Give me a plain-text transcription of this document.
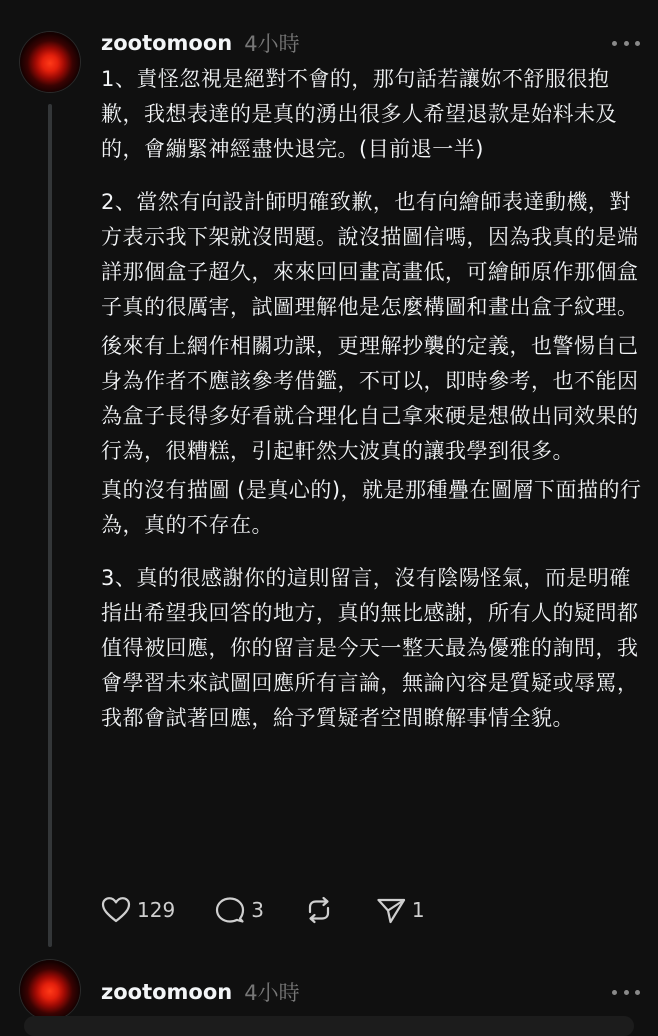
zootomoon 4小時

1、責怪忽視是絕對不會的，那句話若讓妳不舒服很抱歉，我想表達的是真的湧出很多人希望退款是始料未及的，會繃緊神經盡快退完。(目前退一半)

2、當然有向設計師明確致歉，也有向繪師表達動機，對方表示我下架就沒問題。說沒描圖信嗎，因為我真的是端詳那個盒子超久，來來回回畫高畫低，可繪師原作那個盒子真的很厲害，試圖理解他是怎麼構圖和畫出盒子紋理。

後來有上網作相關功課，更理解抄襲的定義，也警惕自己身為作者不應該參考借鑑，不可以，即時參考，也不能因為盒子長得多好看就合理化自己拿來硬是想做出同效果的行為，很糟糕，引起軒然大波真的讓我學到很多。

真的沒有描圖 (是真心的)，就是那種疊在圖層下面描的行為，真的不存在。

3、真的很感謝你的這則留言，沒有陰陽怪氣，而是明確指出希望我回答的地方，真的無比感謝，所有人的疑問都值得被回應，你的留言是今天一整天最為優雅的詢問，我會學習未來試圖回應所有言論，無論內容是質疑或辱罵，我都會試著回應，給予質疑者空間瞭解事情全貌。

129	3	1
zootomoon 4小時
